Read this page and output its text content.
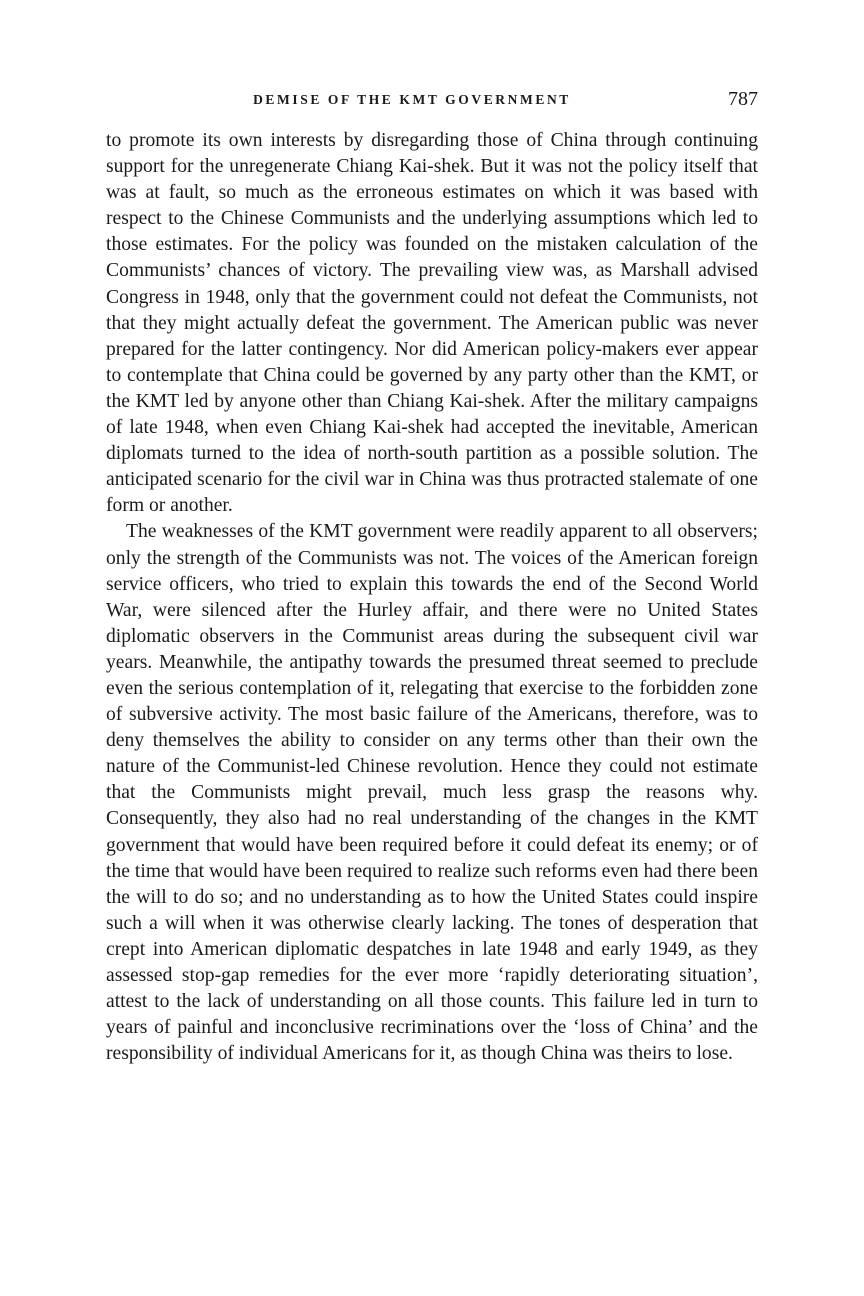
DEMISE OF THE KMT GOVERNMENT	787

to promote its own interests by disregarding those of China through continuing support for the unregenerate Chiang Kai-shek. But it was not the policy itself that was at fault, so much as the erroneous estimates on which it was based with respect to the Chinese Communists and the underlying assumptions which led to those estimates. For the policy was founded on the mistaken calculation of the Communists’ chances of victory. The prevailing view was, as Marshall advised Congress in 1948, only that the government could not defeat the Communists, not that they might actually defeat the government. The American public was never prepared for the latter contingency. Nor did American policy-makers ever appear to contemplate that China could be governed by any party other than the KMT, or the KMT led by anyone other than Chiang Kai-shek. After the military campaigns of late 1948, when even Chiang Kai-shek had accepted the inevitable, American diplomats turned to the idea of north-south partition as a possible solution. The anticipated scenario for the civil war in China was thus protracted stalemate of one form or another.

The weaknesses of the KMT government were readily apparent to all observers; only the strength of the Communists was not. The voices of the American foreign service officers, who tried to explain this towards the end of the Second World War, were silenced after the Hurley affair, and there were no United States diplomatic observers in the Communist areas during the subsequent civil war years. Meanwhile, the antipathy towards the presumed threat seemed to preclude even the serious contemplation of it, relegating that exercise to the forbidden zone of subversive activity. The most basic failure of the Americans, therefore, was to deny themselves the ability to consider on any terms other than their own the nature of the Communist-led Chinese revolution. Hence they could not estimate that the Communists might prevail, much less grasp the reasons why. Consequently, they also had no real understanding of the changes in the KMT government that would have been required before it could defeat its enemy; or of the time that would have been required to realize such reforms even had there been the will to do so; and no understanding as to how the United States could inspire such a will when it was otherwise clearly lacking. The tones of desperation that crept into American diplomatic despatches in late 1948 and early 1949, as they assessed stop-gap remedies for the ever more ‘rapidly deteriorating situation’, attest to the lack of understanding on all those counts. This failure led in turn to years of painful and inconclusive recriminations over the ‘loss of China’ and the responsibility of individual Americans for it, as though China was theirs to lose.
